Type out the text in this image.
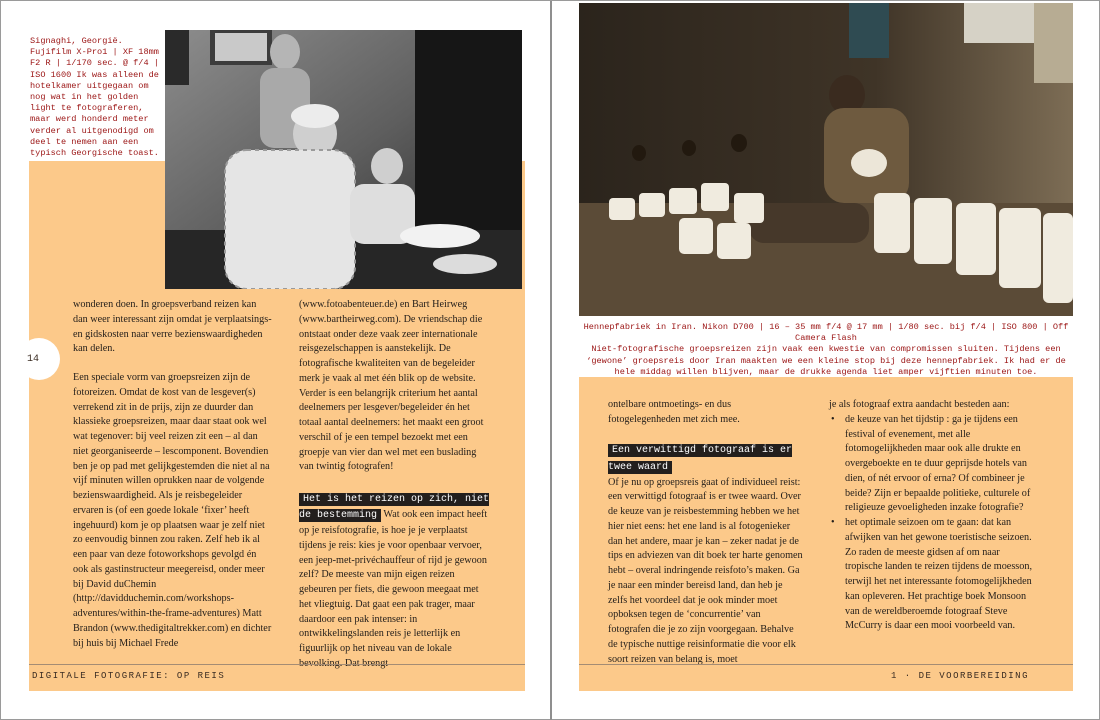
Signaghi, Georgië. Fujifilm X-Pro1 | XF 18mm F2 R | 1/170 sec. @ f/4 | ISO 1600 Ik was alleen de hotelkamer uitgegaan om nog wat in het golden light te fotograferen, maar werd honderd meter verder al uitgenodigd om deel te nemen aan een typisch Georgische toast.
14

wonderen doen. In groepsverband reizen kan dan weer interessant zijn omdat je verplaatsings- en gidskosten naar verre bezienswaardigheden kan delen.

Een speciale vorm van groepsreizen zijn de fotoreizen. Omdat de kost van de lesgever(s) verrekend zit in de prijs, zijn ze duurder dan klassieke groepsreizen, maar daar staat ook wel wat tegenover: bij veel reizen zit een – al dan niet georganiseerde – lescomponent. Bovendien ben je op pad met gelijkgestemden die niet al na vijf minuten willen oprukken naar de volgende bezienswaardigheid. Als je reisbegeleider ervaren is (of een goede lokale ‘fixer’ heeft ingehuurd) kom je op plaatsen waar je zelf niet zo eenvoudig binnen zou raken. Zelf heb ik al een paar van deze fotoworkshops gevolgd én ook als gastinstructeur meegereisd, onder meer bij David duChemin (http://davidduchemin.com/workshops-adventures/within-the-frame-adventures) Matt Brandon (www.thedigitaltrekker.com) en dichter bij huis bij Michael Frede

(www.fotoabenteuer.de) en Bart Heirweg (www.bartheirweg.com). De vriendschap die ontstaat onder deze vaak zeer internationale reisgezelschappen is aanstekelijk. De fotografische kwaliteiten van de begeleider merk je vaak al met één blik op de website. Verder is een belangrijk criterium het aantal deelnemers per lesgever/begeleider én het totaal aantal deelnemers: het maakt een groot verschil of je een tempel bezoekt met een groepje van vier dan wel met een buslading van twintig fotografen!

Het is het reizen op zich, niet de bestemming Wat ook een impact heeft op je reisfotografie, is hoe je je verplaatst tijdens je reis: kies je voor openbaar vervoer, een jeep-met-privéchauffeur of rijd je gewoon zelf? De meeste van mijn eigen reizen gebeuren per fiets, die gewoon meegaat met het vliegtuig. Dat gaat een pak trager, maar daardoor een pak intenser: in ontwikkelingslanden reis je letterlijk en figuurlijk op het niveau van de lokale

DIGITALE FOTOGRAFIE: OP REIS
Hennepfabriek in Iran. Nikon D700 | 16 – 35 mm f/4 @ 17 mm | 1/80 sec. bij f/4 | ISO 800 | Off Camera Flash
Niet-fotografische groepsreizen zijn vaak een kwestie van compromissen sluiten. Tijdens een ‘gewone’ groepsreis door Iran maakten we een kleine stop bij deze hennepfabriek. Ik had er de hele middag willen blijven, maar de drukke agenda liet amper vijftien minuten toe.

ontelbare ontmoetings- en dus fotogelegenheden met zich mee.

Een verwittigd fotograaf is er twee waard

Of je nu op groepsreis gaat of individueel reist: een verwittigd fotograaf is er twee waard. Over de keuze van je reisbestemming hebben we het hier niet eens: het ene land is al fotogenieker dan het andere, maar je kan – zeker nadat je de tips en adviezen van dit boek ter harte genomen hebt – overal indringende reisfoto’s maken. Ga je naar een minder bereisd land, dan heb je zelfs het voordeel dat je ook minder moet opboksen tegen de ‘concurrentie’ van fotografen die je zo zijn voorgegaan. Behalve de typische nuttige reisinformatie die voor elk soort reizen van belang is, moet

je als fotograaf extra aandacht besteden aan:

• de keuze van het tijdstip : ga je tijdens een festival of evenement, met alle fotomogelijkheden maar ook alle drukte en overgeboekte en te duur geprijsde hotels van dien, of nét ervoor of erna? Of combineer je beide? Zijn er bepaalde politieke, culturele of religieuze gevoeligheden inzake fotografie?
• het optimale seizoen om te gaan: dat kan afwijken van het gewone toeristische seizoen. Zo raden de meeste gidsen af om naar tropische landen te reizen tijdens de moesson, terwijl het net interessante fotomogelijkheden kan opleveren. Het prachtige boek Monsoon van de wereldberoemde fotograaf Steve McCurry is daar een mooi voorbeeld van.
1 · DE VOORBEREIDING
